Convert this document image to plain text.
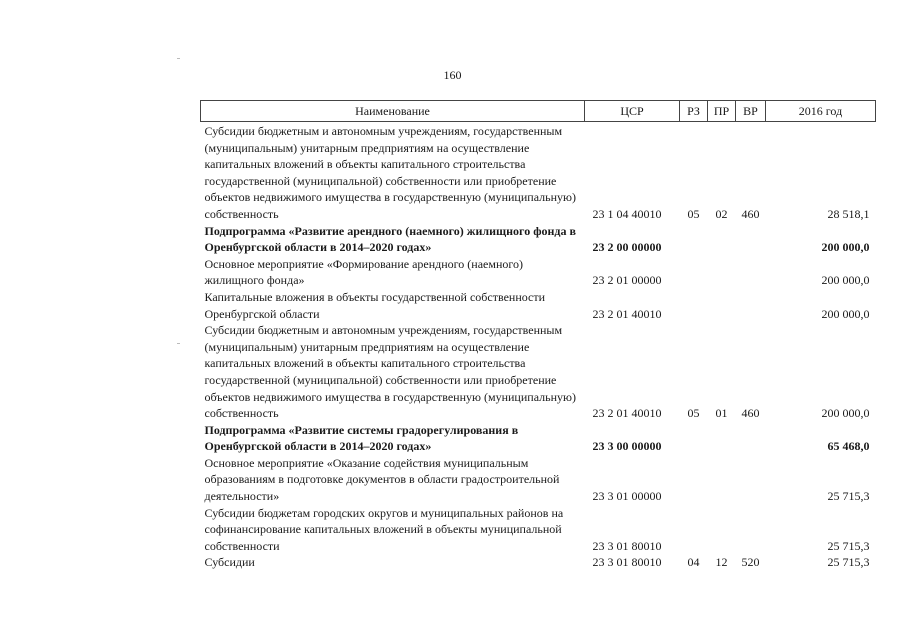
160
Наименование	ЦСР	РЗ	ПР	ВР	2016 год
Субсидии бюджетным и автономным учреждениям, государственным (муниципальным) унитарным предприятиям на осуществление капитальных вложений в объекты капитального строительства государственной (муниципальной) собственности или приобретение объектов недвижимого имущества в государственную (муниципальную) собственность	23 1 04 40010	05	02	460	28 518,1
Подпрограмма «Развитие арендного (наемного) жилищного фонда в Оренбургской области в 2014–2020 годах»	23 2 00 00000				200 000,0
Основное мероприятие «Формирование арендного (наемного) жилищного фонда»	23 2 01 00000				200 000,0
Капитальные вложения в объекты государственной собственности Оренбургской области	23 2 01 40010				200 000,0
Субсидии бюджетным и автономным учреждениям, государственным (муниципальным) унитарным предприятиям на осуществление капитальных вложений в объекты капитального строительства государственной (муниципальной) собственности или приобретение объектов недвижимого имущества в государственную (муниципальную) собственность	23 2 01 40010	05	01	460	200 000,0
Подпрограмма «Развитие системы градорегулирования в Оренбургской области в 2014–2020 годах»	23 3 00 00000				65 468,0
Основное мероприятие «Оказание содействия муниципальным образованиям в подготовке документов в области градостроительной деятельности»	23 3 01 00000				25 715,3
Субсидии бюджетам городских округов и муниципальных районов на софинансирование капитальных вложений в объекты муниципальной собственности	23 3 01 80010				25 715,3
Субсидии	23 3 01 80010	04	12	520	25 715,3
